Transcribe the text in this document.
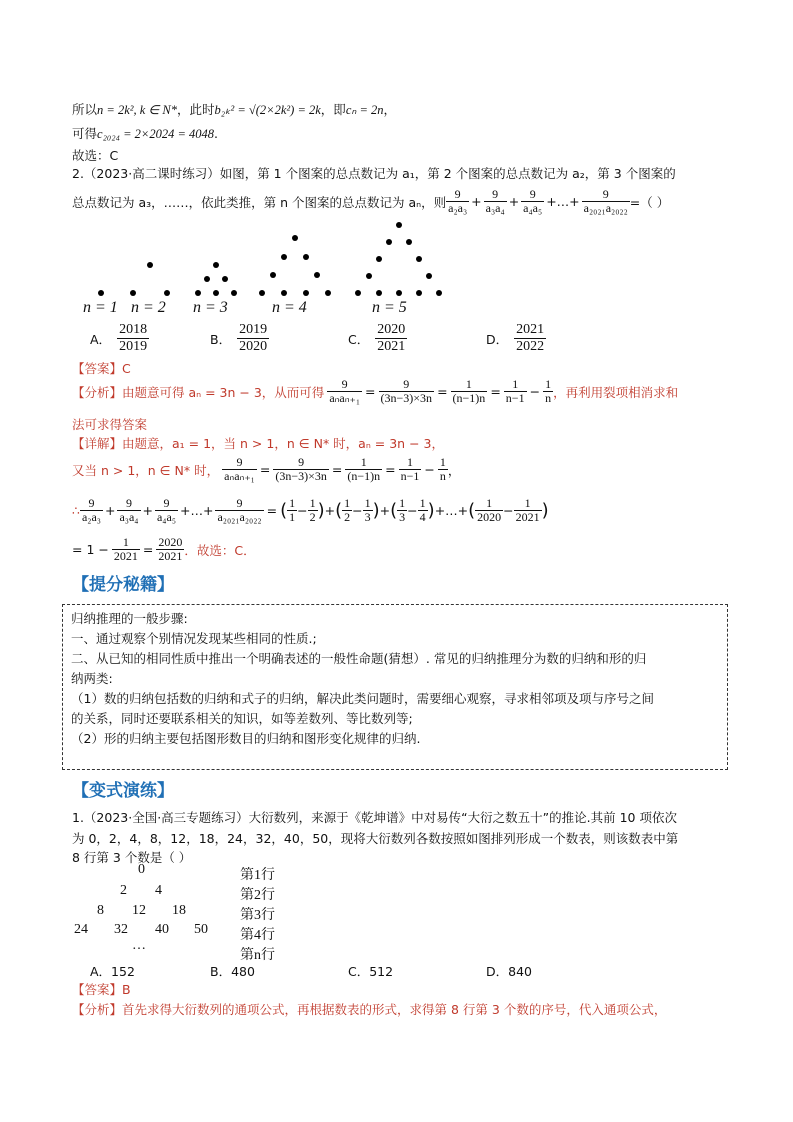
所以n = 2k², k ∈ N*，此时b₂ₖ² = √(2×2k²) = 2k，即cₙ = 2n，
可得c₂₀₂₄ = 2×2024 = 4048.
故选：C
2.（2023·高二课时练习）如图，第 1 个图案的总点数记为 a₁，第 2 个图案的总点数记为 a₂，第 3 个图案的
总点数记为 a₃，……，依此类推，第 n 个图案的总点数记为 aₙ，则 $\frac{9}{\text{a₂a₃}} + \frac{9}{\text{a₃a₄}} + \frac{9}{\text{a₄a₅}}$ +…+ $\frac{9}{\text{a₂₀₂₁a₂₀₂₂}}$ =（ ）
n = 1 n = 2 n = 3	n = 4	n = 5
A． $\frac{2018}{2019}$	B． $\frac{2019}{2020}$	C． $\frac{2020}{2021}$	D． $\frac{2021}{2022}$
【答案】C
【分析】 由题意可得 aₙ = 3n − 3，从而可得 $\frac{9}{\text{aₙaₙ₊₁}} = \frac{9}{(3n-3)\times 3n} = \frac{1}{(n-1)n} = \frac{1}{n-1} - \frac{1}{n}$ ，再利用裂项相消求和
法可求得答案
【详解】由题意，a₁ = 1，当 n > 1，n ∈ N* 时，aₙ = 3n − 3，
又当 n > 1，n ∈ N* 时， $\frac{9}{\text{aₙaₙ₊₁}} = \frac{9}{(3n-3)\times 3n} = \frac{1}{(n-1)n} = \frac{1}{n-1} - \frac{1}{n}$ ，
∴ $\frac{9}{\text{a₂a₃}} + \frac{9}{\text{a₃a₄}} + \frac{9}{\text{a₄a₅}}$ +…+ $\frac{9}{\text{a₂₀₂₁a₂₀₂₂}}$ = ( $\frac{1}{1} - \frac{1}{2}$ ) + ( $\frac{1}{2} - \frac{1}{3}$ ) + ( $\frac{1}{3} - \frac{1}{4}$ ) +…+ ( $\frac{1}{2020} - \frac{1}{2021}$ )
= $1 - \frac{1}{2021} = \frac{2020}{2021}$ ．故选：C．
【提分秘籍】
归纳推理的一般步骤:
一、通过观察个别情况发现某些相同的性质.;
二、从已知的相同性质中推出一个明确表述的一般性命题(猜想）. 常见的归纳推理分为数的归纳和形的归
纳两类:
（1）数的归纳包括数的归纳和式子的归纳，解决此类问题时，需要细心观察，寻求相邻项及项与序号之间
的关系，同时还要联系相关的知识，如等差数列、等比数列等;
（2）形的归纳主要包括图形数目的归纳和图形变化规律的归纳.
【变式演练】
1.（2023·全国·高三专题练习）大衍数列，来源于《乾坤谱》中对易传“大衍之数五十”的推论.其前 10 项依次
为 0，2，4，8，12，18，24，32，40，50，现将大衍数列各数按照如图排列形成一个数表，则该数表中第
8 行第 3 个数是（ ）
0	第1行
2 4	第2行
8 12 18	第3行
24 32 40 50 第4行
…
第n行
A．152	B．480	C．512	D．840
【答案】B
【分析】首先求得大衍数列的通项公式，再根据数表的形式，求得第 8 行第 3 个数的序号，代入通项公式，
